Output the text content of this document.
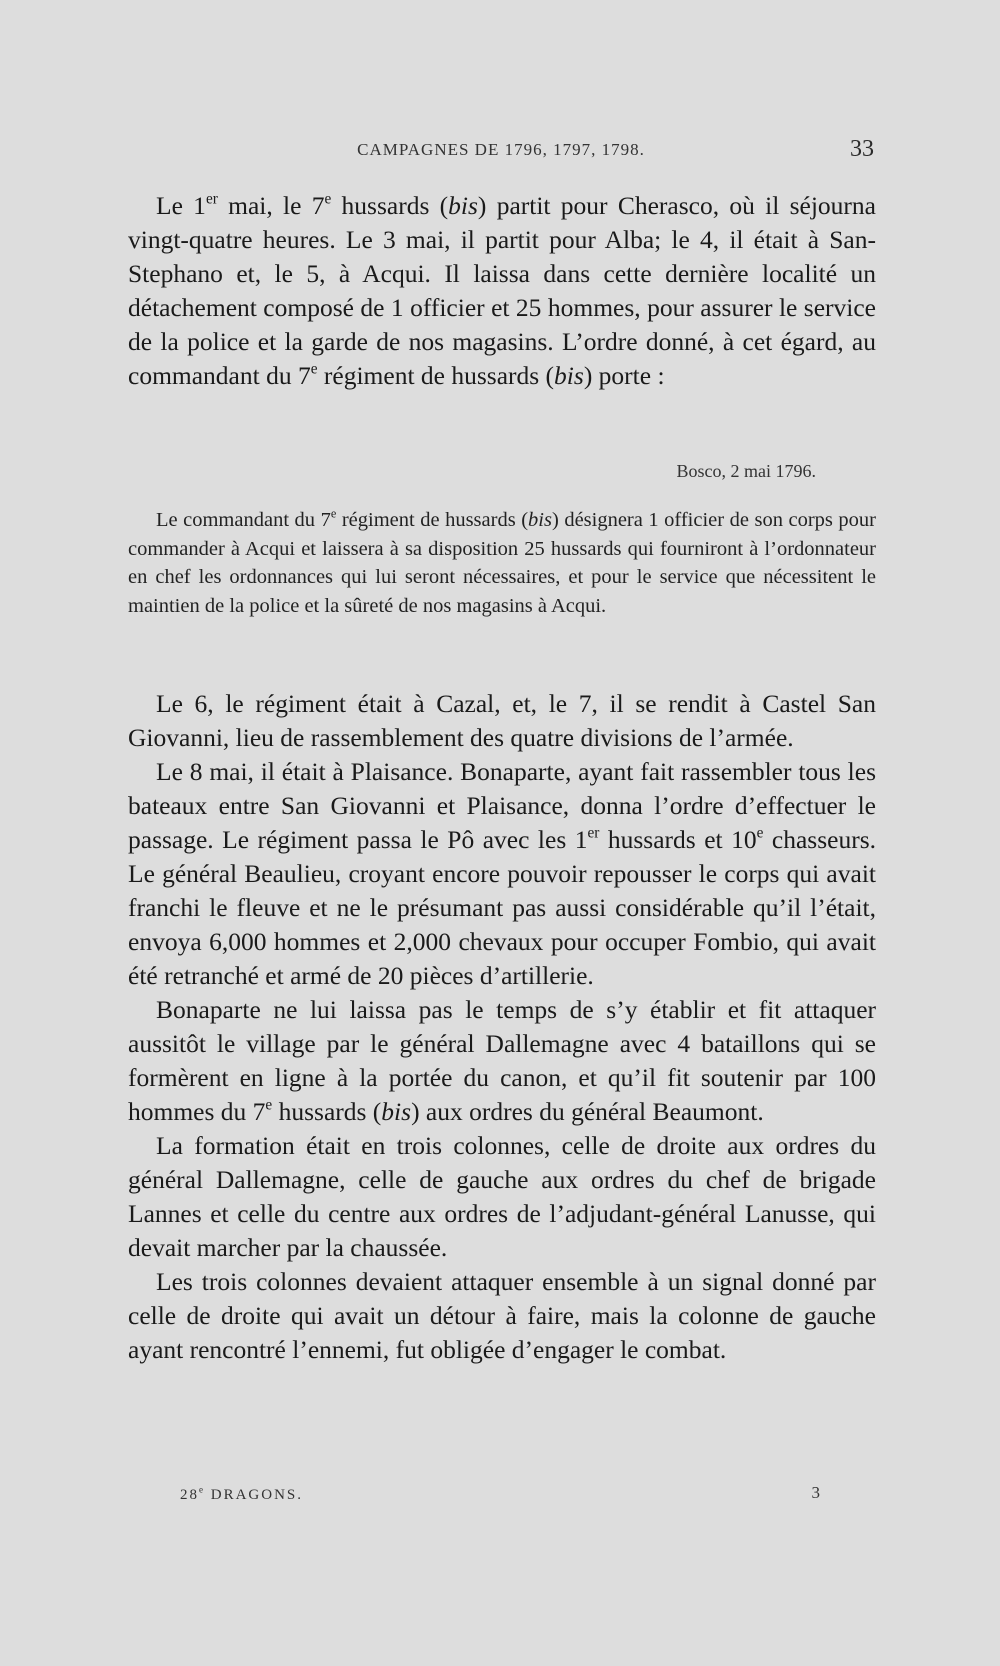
CAMPAGNES DE 1796, 1797, 1798.	33

Le 1er mai, le 7e hussards (bis) partit pour Cherasco, où il séjourna vingt-quatre heures. Le 3 mai, il partit pour Alba; le 4, il était à San-Stephano et, le 5, à Acqui. Il laissa dans cette dernière localité un détachement composé de 1 officier et 25 hommes, pour assurer le service de la police et la garde de nos magasins. L’ordre donné, à cet égard, au commandant du 7e régiment de hussards (bis) porte :

Bosco, 2 mai 1796.

Le commandant du 7e régiment de hussards (bis) désignera 1 officier de son corps pour commander à Acqui et laissera à sa disposition 25 hussards qui fourniront à l’ordonnateur en chef les ordonnances qui lui seront nécessaires, et pour le service que nécessitent le maintien de la police et la sûreté de nos magasins à Acqui.

Le 6, le régiment était à Cazal, et, le 7, il se rendit à Castel San Giovanni, lieu de rassemblement des quatre divisions de l’armée.

Le 8 mai, il était à Plaisance. Bonaparte, ayant fait rassembler tous les bateaux entre San Giovanni et Plaisance, donna l’ordre d’effectuer le passage. Le régiment passa le Pô avec les 1er hussards et 10e chasseurs. Le général Beaulieu, croyant encore pouvoir repousser le corps qui avait franchi le fleuve et ne le présumant pas aussi considérable qu’il l’était, envoya 6,000 hommes et 2,000 chevaux pour occuper Fombio, qui avait été retranché et armé de 20 pièces d’artillerie.

Bonaparte ne lui laissa pas le temps de s’y établir et fit attaquer aussitôt le village par le général Dallemagne avec 4 bataillons qui se formèrent en ligne à la portée du canon, et qu’il fit soutenir par 100 hommes du 7e hussards (bis) aux ordres du général Beaumont.

La formation était en trois colonnes, celle de droite aux ordres du général Dallemagne, celle de gauche aux ordres du chef de brigade Lannes et celle du centre aux ordres de l’adjudant-général Lanusse, qui devait marcher par la chaussée.

Les trois colonnes devaient attaquer ensemble à un signal donné par celle de droite qui avait un détour à faire, mais la colonne de gauche ayant rencontré l’ennemi, fut obligée d’engager le combat.

28e DRAGONS.	3
